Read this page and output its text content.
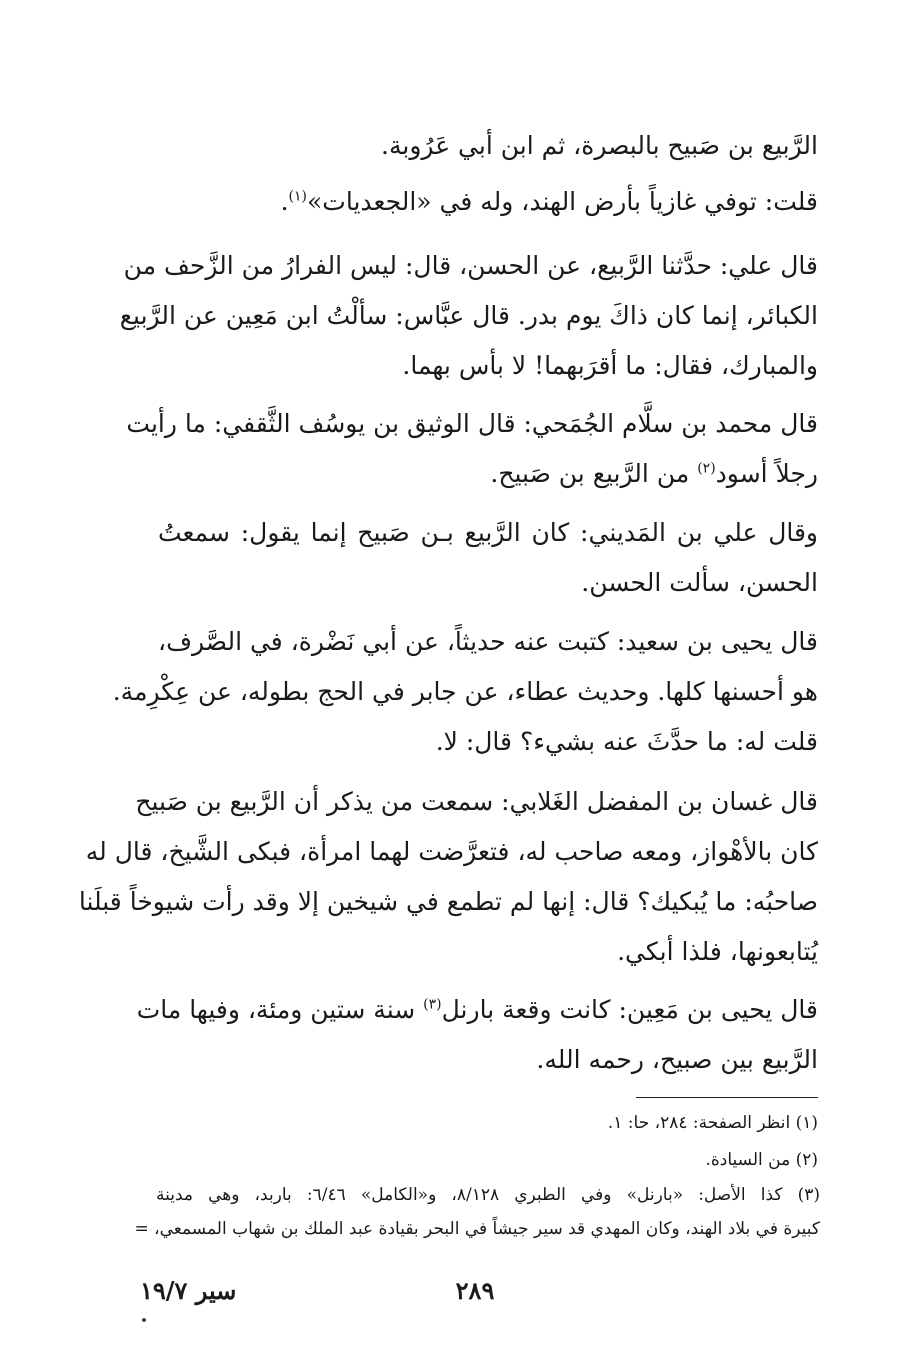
الرَّبيع بن صَبيح بالبصرة، ثم ابن أبي عَرُوبة.
قلت: توفي غازياً بأرض الهند، وله في «الجعديات»$^{(١)}$.
قال علي: حدَّثنا الرَّبيع، عن الحسن، قال: ليس الفرارُ من الزَّحف من
الكبائر، إنما كان ذاكَ يوم بدر. قال عبَّاس: سألْتُ ابن مَعِين عن الرَّبيع
والمبارك، فقال: ما أقرَبهما! لا بأس بهما.
قال محمد بن سلَّام الجُمَحي: قال الوثيق بن يوسُف الثَّقفي: ما رأيت
رجلاً أسود$^{(٢)}$ من الرَّبيع بن صَبيح.
وقال علي بن المَديني: كان الرَّبيع بـن صَبيح إنما يقول: سمعتُ
الحسن، سألت الحسن.
قال يحيى بن سعيد: كتبت عنه حديثاً، عن أبي نَضْرة، في الصَّرف،
هو أحسنها كلها. وحديث عطاء، عن جابر في الحج بطوله، عن عِكْرِمة.
قلت له: ما حدَّثَ عنه بشيء؟ قال: لا.
قال غسان بن المفضل الغَلابي: سمعت من يذكر أن الرَّبيع بن صَبيح
كان بالأهْواز، ومعه صاحب له، فتعرَّضت لهما امرأة، فبكى الشَّيخ، قال له
صاحبُه: ما يُبكيك؟ قال: إنها لم تطمع في شيخين إلا وقد رأت شيوخاً قبلَنا
يُتابعونها، فلذا أبكي.
قال يحيى بن مَعِين: كانت وقعة بارنل$^{(٣)}$ سنة ستين ومئة، وفيها مات
الرَّبيع بين صبيح، رحمه الله.
(١) انظر الصفحة: ٢٨٤، حا: ١.
(٢) من السيادة.
(٣) كذا الأصل: «بارنل» وفي الطبري ٨/١٢٨، و«الكامل» ٦/٤٦: باربد، وهي مدينة
كبيرة في بلاد الهند، وكان المهدي قد سير جيشاً في البحر بقيادة عبد الملك بن شهاب المسمعي، =
٢٨٩
سير ١٩/٧
